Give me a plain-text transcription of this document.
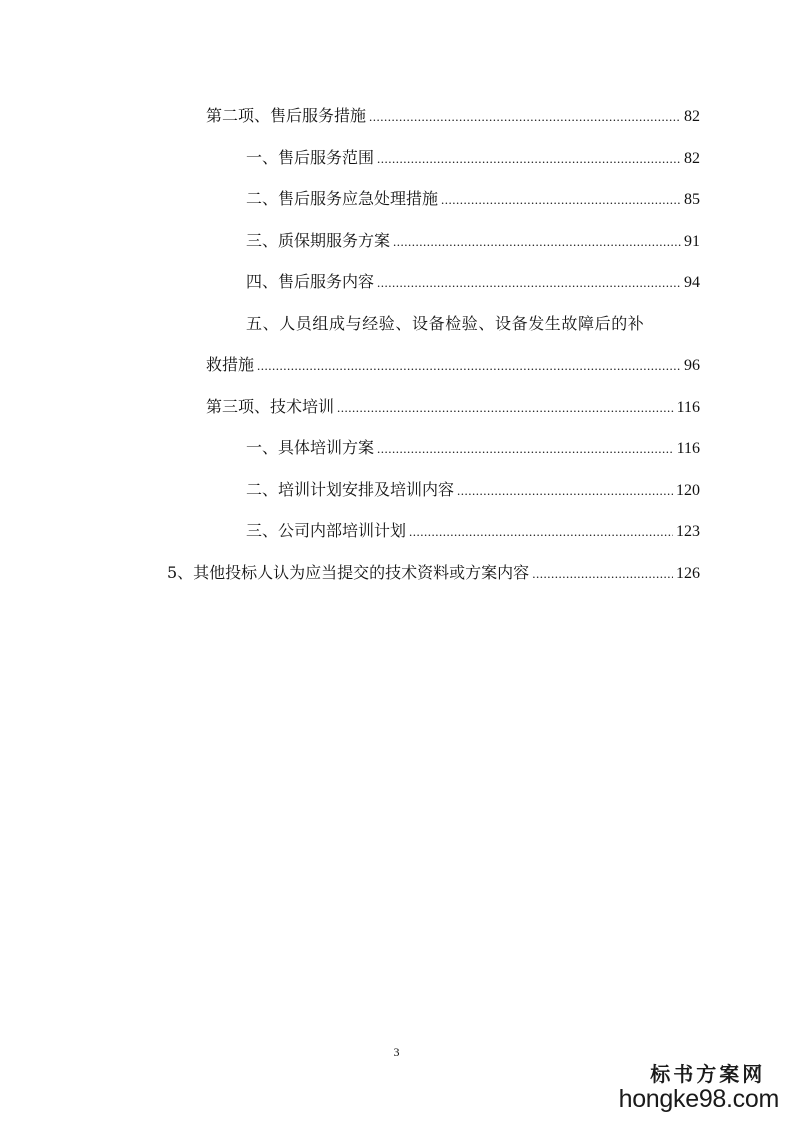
第二项、售后服务措施 .....	82
一、售后服务范围 .....	82
二、售后服务应急处理措施 .....	85
三、质保期服务方案 .....	91
四、售后服务内容 .....	94
五、人员组成与经验、设备检验、设备发生故障后的补
救措施 .....	96
第三项、技术培训 .....	116
一、具体培训方案 .....	116
二、培训计划安排及培训内容 .....	120
三、公司内部培训计划 .....	123
5、其他投标人认为应当提交的技术资料或方案内容 .....	126
3
标书方案网
hongke98.com
